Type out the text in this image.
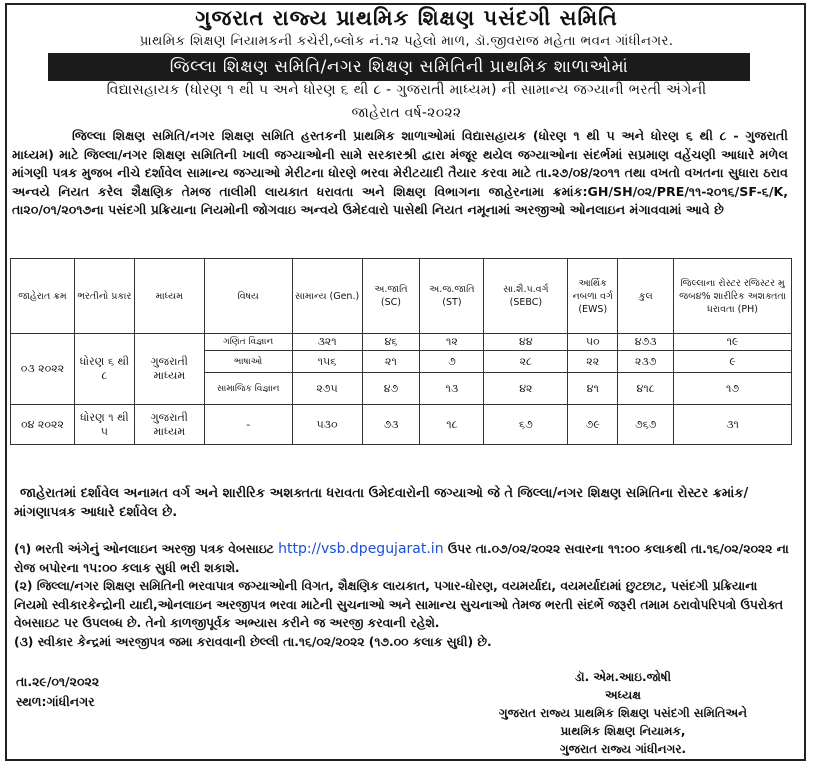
ગુજરાત રાજ્ય પ્રાથમિક શિક્ષણ પસંદગી સમિતિ
પ્રાથમિક શિક્ષણ નિયામકની કચેરી,બ્લોક નં.૧૨ પહેલો માળ, ડૉ.જીવરાજ મહેતા ભવન ગાંધીનગર.
જિલ્લા શિક્ષણ સમિતિ/નગર શિક્ષણ સમિતિની પ્રાથમિક શાળાઓમાં
વિદ્યાસહાયક (ધોરણ ૧ થી ૫ અને ધોરણ ૬ થી ૮ - ગુજરાતી માધ્યમ) ની સામાન્ય જગ્યાની ભરતી અંગેની
જાહેરાત વર્ષ-૨૦૨૨

જિલ્લા શિક્ષણ સમિતિ/નગર શિક્ષણ સમિતિ હસ્તકની પ્રાથમિક શાળાઓમાં વિદ્યાસહાયક (ધોરણ ૧ થી ૫ અને ધોરણ ૬ થી ૮ - ગુજરાતી માધ્યમ) માટે જિલ્લા/નગર શિક્ષણ સમિતિની ખાલી જગ્યાઓની સામે સરકારશ્રી દ્વારા મંજૂર થયેલ જગ્યાઓના સંદર્ભમાં સપ્રમાણ વહેંચણી આધારે મળેલ માંગણી પત્રક મુજબ નીચે દર્શાવેલ સામાન્ય જગ્યાઓ મેરીટના ધોરણે ભરવા મેરીટયાદી તૈયાર કરવા માટે તા.૨૭/૦૪/૨૦૧૧ તથા વખતો વખતના સુધારા ઠરાવ અન્વયે નિયત કરેલ શૈક્ષણિક તેમજ તાલીમી લાયકાત ધરાવતા અને શિક્ષણ વિભાગના જાહેરનામા ક્રમાંક:GH/SH/૦૨/PRE/૧૧-૨૦૧૬/SF-૬/K, તા૨૦/૦૧/૨૦૧૭ના પસંદગી પ્રક્રિયાના નિયમોની જોગવાઇ અન્વયે ઉમેદવારો પાસેથી નિયત નમૂનામાં અરજીઓ ઓનલાઇન મંગાવવામાં આવે છે

જાહેરાત ક્રમ	ભરતીનો પ્રકાર	માધ્યમ	વિષય	સામાન્ય (Gen.)	અ.જાતિ (SC)	અ.જ.જાતિ (ST)	સા.શૈ.પ.વર્ગ (SEBC)	આર્થિક નબળા વર્ગ (EWS)	કુલ	જિલ્લાના રોસ્ટર રજિસ્ટર મુ જબ૪% શારીરિક અશક્તતા ધરાવતા (PH)
૦૩ ૨૦૨૨	ધોરણ ૬ થી ૮	ગુજરાતી માધ્યમ	ગણિત વિજ્ઞાન	૩૨૧	૪૬	૧૨	૪૪	૫૦	૪૭૩	૧૯
			ભાષાઓ	૧૫૬	૨૧	૭	૨૮	૨૨	૨૩૭	૯
			સામાજિક વિજ્ઞાન	૨૭૫	૪૭	૧૩	૪૨	૪૧	૪૧૮	૧૭
૦૪ ૨૦૨૨	ધોરણ ૧ થી ૫	ગુજરાતી માધ્યમ	-	૫૩૦	૭૩	૧૮	૬૭	૭૯	૭૬૭	૩૧

જાહેરાતમાં દર્શાવેલ અનામત વર્ગ અને શારીરિક અશક્તતા ધરાવતા ઉમેદવારોની જગ્યાઓ જે તે જિલ્લા/નગર શિક્ષણ સમિતિના રોસ્ટર ક્રમાંક/માંગણાપત્રક આધારે દર્શાવેલ છે.

(૧) ભરતી અંગેનું ઓનલાઇન અરજી પત્રક વેબસાઇટ http://vsb.dpegujarat.in ઉપર તા.૦૭/૦૨/૨૦૨૨ સવારના ૧૧:૦૦ કલાકથી તા.૧૬/૦૨/૨૦૨૨ ના રોજ બપોરના ૧૫:૦૦ કલાક સુધી ભરી શકાશે.

(૨) જિલ્લા/નગર શિક્ષણ સમિતિની ભરવાપાત્ર જગ્યાઓની વિગત, શૈક્ષણિક લાયકાત, પગાર-ધોરણ, વયમર્યાદા, વયમર્યાદામાં છુટછાટ, પસંદગી પ્રક્રિયાના નિયમો સ્વીકારકેન્દ્રોની યાદી,ઓનલાઇન અરજીપત્ર ભરવા માટેની સુચનાઓ અને સામાન્ય સુચનાઓ તેમજ ભરતી સંદર્ભે જરૂરી તમામ ઠરાવોપરિપત્રો ઉપરોક્ત વેબસાઇટ પર ઉપલબ્ધ છે. તેનો કાળજીપૂર્વક અભ્યાસ કરીને જ અરજી કરવાની રહેશે.

(૩) સ્વીકાર કેન્દ્રમાં અરજીપત્ર જમા કરાવવાની છેલ્લી તા.૧૬/૦૨/૨૦૨૨ (૧૭.૦૦ કલાક સુધી) છે.

તા.૨૯/૦૧/૨૦૨૨
સ્થળ:ગાંધીનગર
ડૉ. એમ.આઇ.જોષી
અધ્યક્ષ
ગુજરાત રાજ્ય પ્રાથમિક શિક્ષણ પસંદગી સમિતિઅને
પ્રાથમિક શિક્ષણ નિયામક,
ગુજરાત રાજ્ય ગાંધીનગર.
